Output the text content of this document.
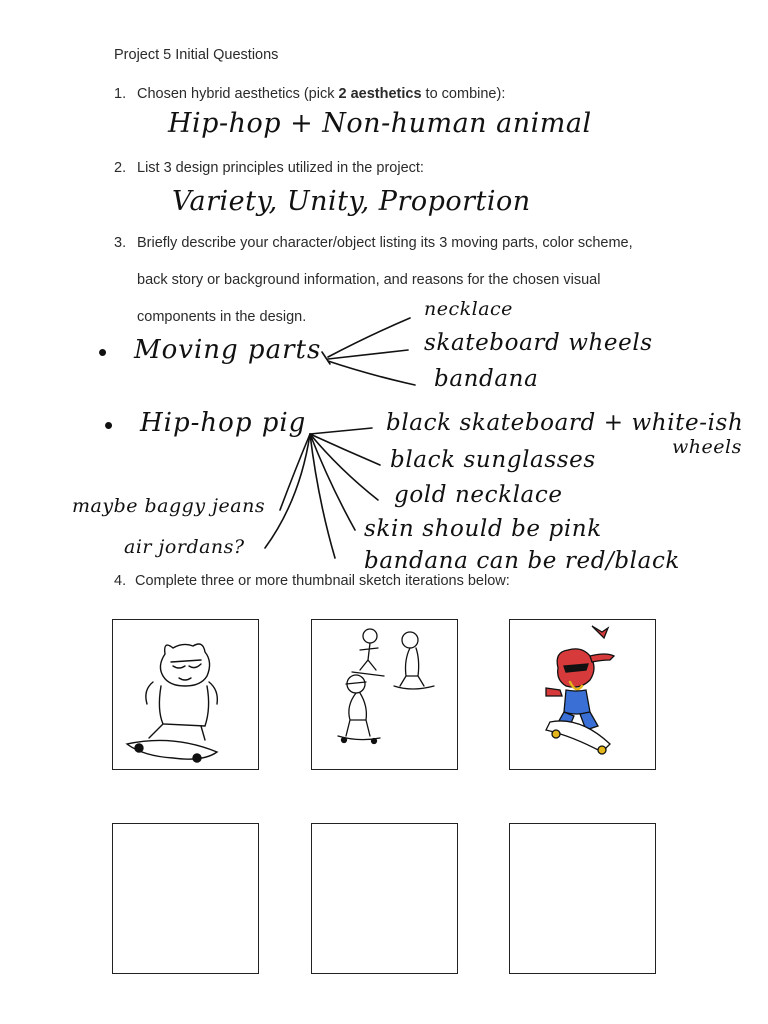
Project 5 Initial Questions
1. Chosen hybrid aesthetics (pick 2 aesthetics to combine):
Hip-hop + Non-human animal
2. List 3 design principles utilized in the project:
Variety, Unity, Proportion
3. Briefly describe your character/object listing its 3 moving parts, color scheme,
back story or background information, and reasons for the chosen visual
components in the design.
• Moving parts
necklace
skateboard wheels
bandana
• Hip-hop pig	black skateboard + white-ish
wheels
black sunglasses
gold necklace
skin should be pink
bandana can be red/black
maybe baggy jeans
air jordans?
4. Complete three or more thumbnail sketch iterations below:
